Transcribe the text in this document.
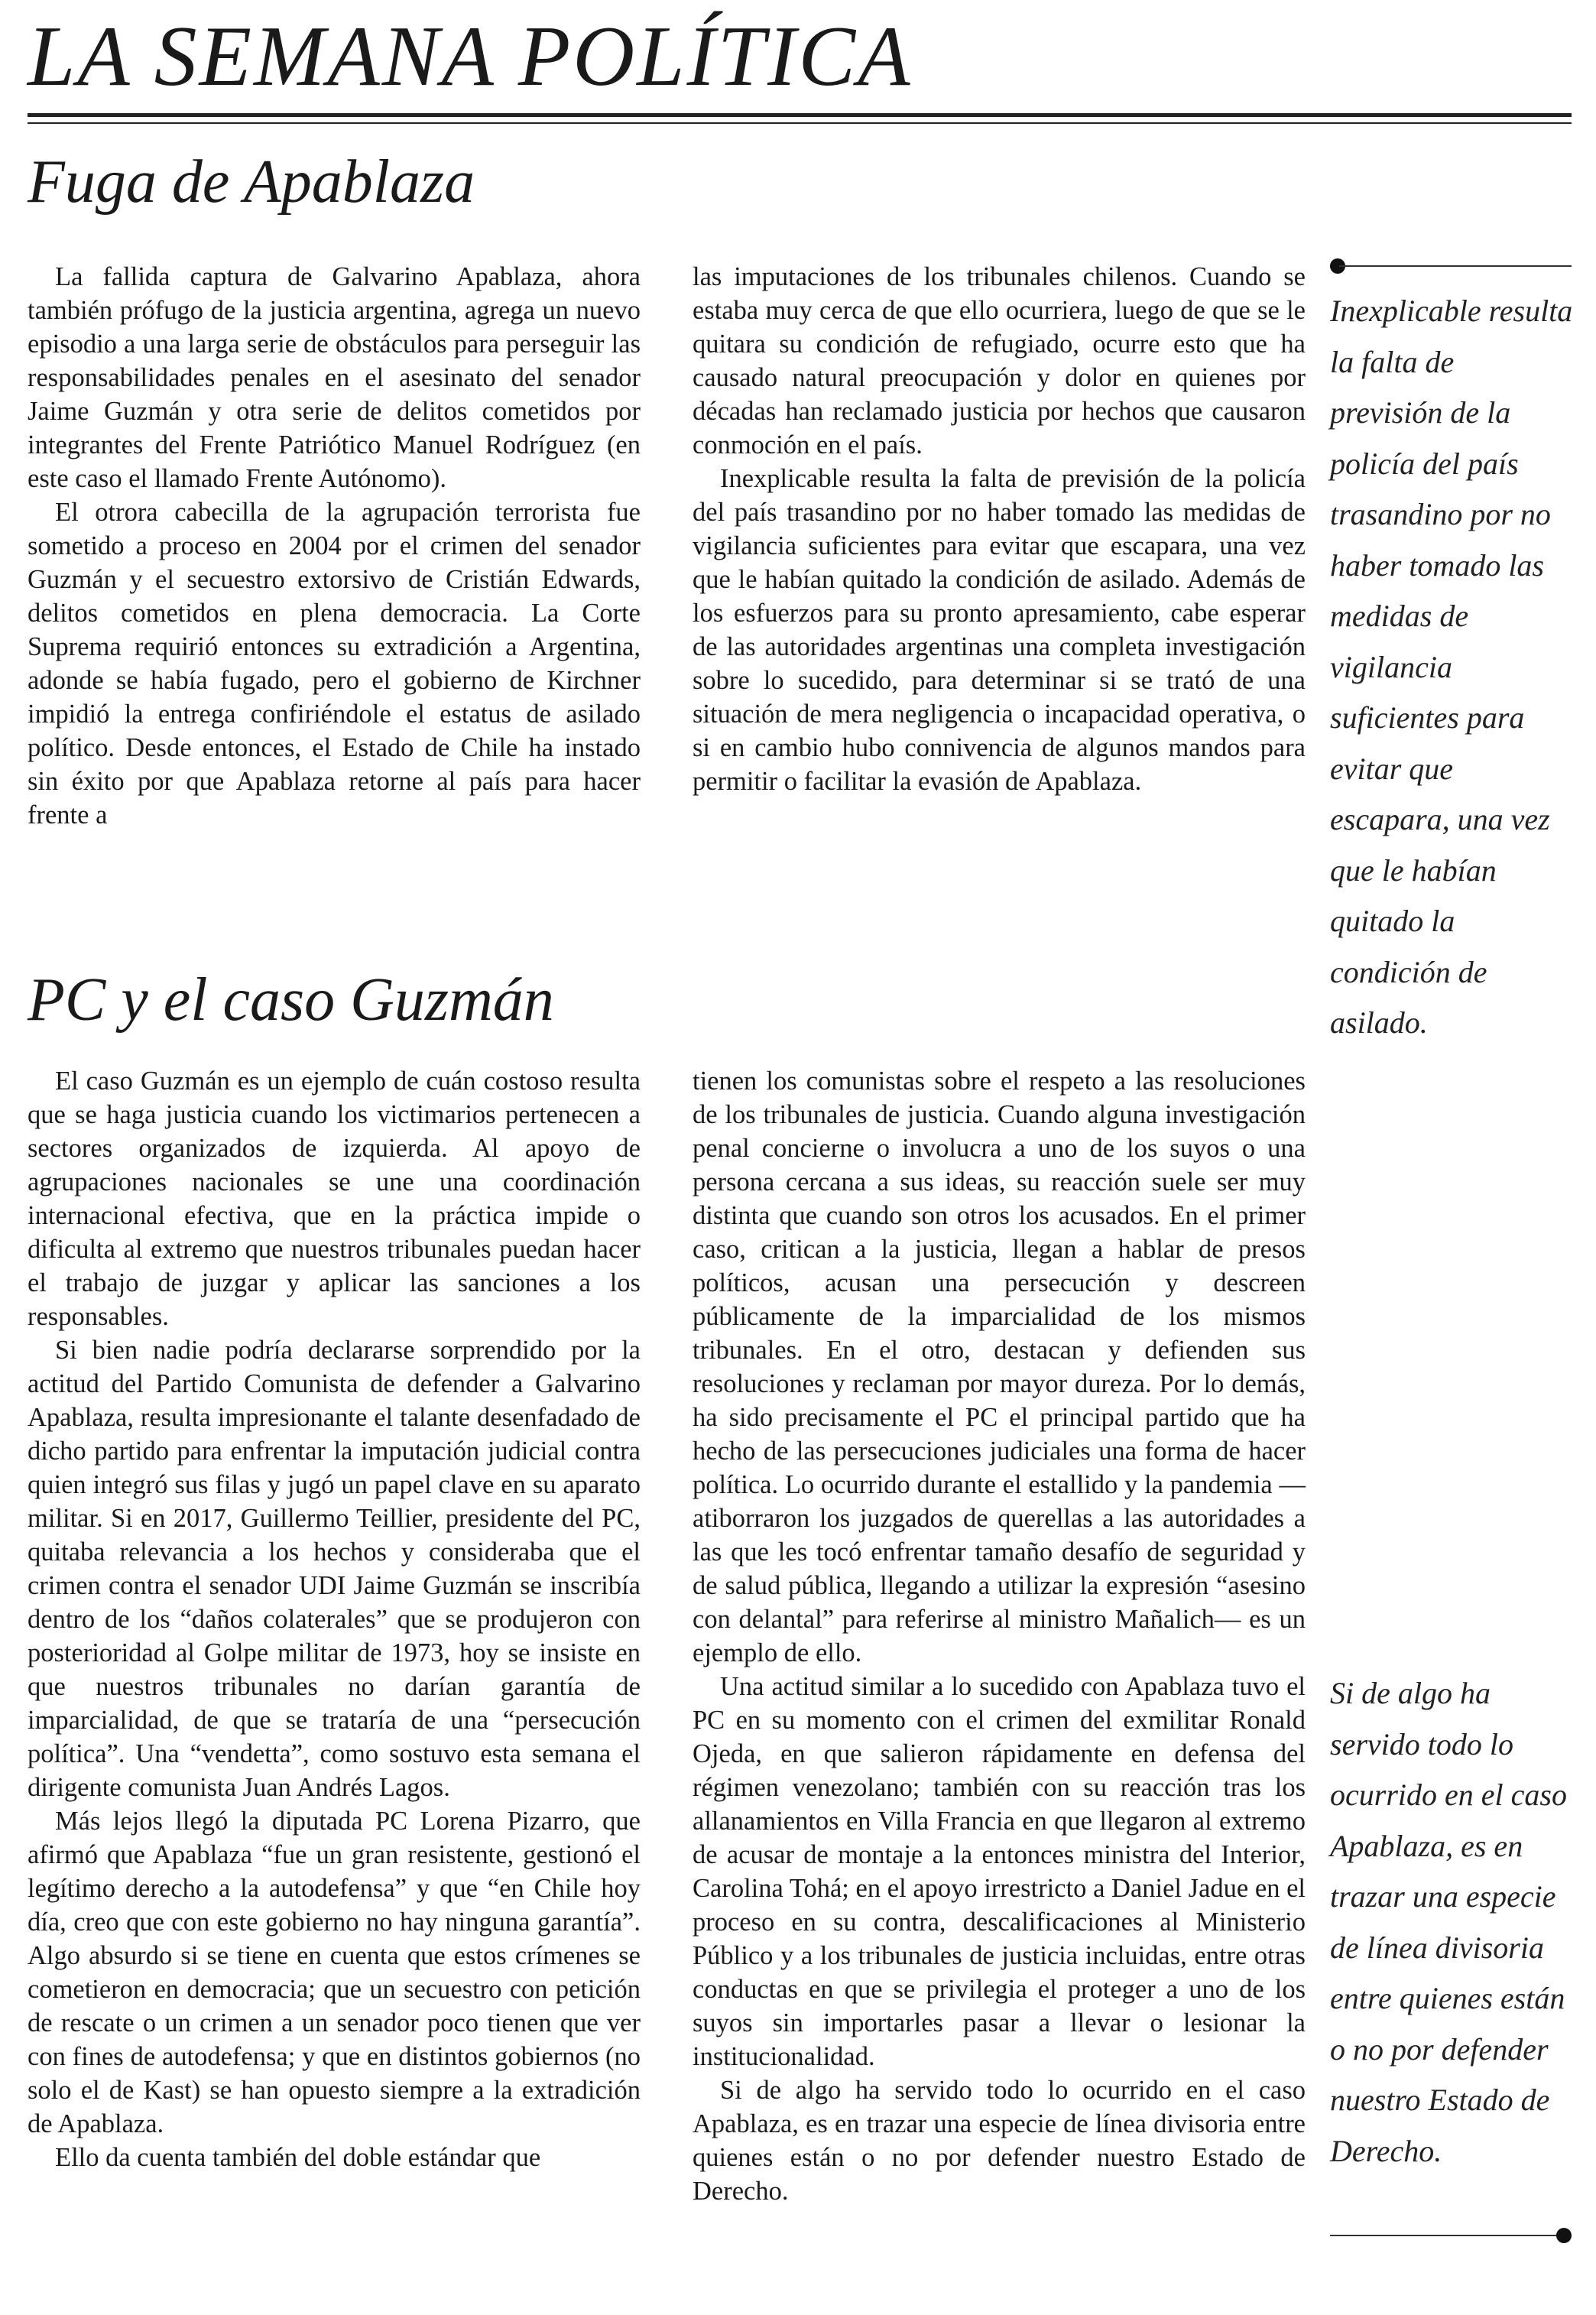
LA SEMANA POLÍTICA
Fuga de Apablaza

La fallida captura de Galvarino Apablaza, ahora también prófugo de la justicia argentina, agrega un nuevo episodio a una larga serie de obstáculos para perseguir las responsabilidades penales en el asesinato del senador Jaime Guzmán y otra serie de delitos cometidos por integrantes del Frente Patriótico Manuel Rodríguez (en este caso el llamado Frente Autónomo).

El otrora cabecilla de la agrupación terrorista fue sometido a proceso en 2004 por el crimen del senador Guzmán y el secuestro extorsivo de Cristián Edwards, delitos cometidos en plena democracia. La Corte Suprema requirió entonces su extradición a Argentina, adonde se había fugado, pero el gobierno de Kirchner impidió la entrega confiriéndole el estatus de asilado político. Desde entonces, el Estado de Chile ha instado sin éxito por que Apablaza retorne al país para hacer frente a

las imputaciones de los tribunales chilenos. Cuando se estaba muy cerca de que ello ocurriera, luego de que se le quitara su condición de refugiado, ocurre esto que ha causado natural preocupación y dolor en quienes por décadas han reclamado justicia por hechos que causaron conmoción en el país.

Inexplicable resulta la falta de previsión de la policía del país trasandino por no haber tomado las medidas de vigilancia suficientes para evitar que escapara, una vez que le habían quitado la condición de asilado. Además de los esfuerzos para su pronto apresamiento, cabe esperar de las autoridades argentinas una completa investigación sobre lo sucedido, para determinar si se trató de una situación de mera negligencia o incapacidad operativa, o si en cambio hubo connivencia de algunos mandos para permitir o facilitar la evasión de Apablaza.

PC y el caso Guzmán

El caso Guzmán es un ejemplo de cuán costoso resulta que se haga justicia cuando los victimarios pertenecen a sectores organizados de izquierda. Al apoyo de agrupaciones nacionales se une una coordinación internacional efectiva, que en la práctica impide o dificulta al extremo que nuestros tribunales puedan hacer el trabajo de juzgar y aplicar las sanciones a los responsables.

Si bien nadie podría declararse sorprendido por la actitud del Partido Comunista de defender a Galvarino Apablaza, resulta impresionante el talante desenfadado de dicho partido para enfrentar la imputación judicial contra quien integró sus filas y jugó un papel clave en su aparato militar. Si en 2017, Guillermo Teillier, presidente del PC, quitaba relevancia a los hechos y consideraba que el crimen contra el senador UDI Jaime Guzmán se inscribía dentro de los “daños colaterales” que se produjeron con posterioridad al Golpe militar de 1973, hoy se insiste en que nuestros tribunales no darían garantía de imparcialidad, de que se trataría de una “persecución política”. Una “vendetta”, como sostuvo esta semana el dirigente comunista Juan Andrés Lagos.

Más lejos llegó la diputada PC Lorena Pizarro, que afirmó que Apablaza “fue un gran resistente, gestionó el legítimo derecho a la autodefensa” y que “en Chile hoy día, creo que con este gobierno no hay ninguna garantía”. Algo absurdo si se tiene en cuenta que estos crímenes se cometieron en democracia; que un secuestro con petición de rescate o un crimen a un senador poco tienen que ver con fines de autodefensa; y que en distintos gobiernos (no solo el de Kast) se han opuesto siempre a la extradición de Apablaza.

Ello da cuenta también del doble estándar que

tienen los comunistas sobre el respeto a las resoluciones de los tribunales de justicia. Cuando alguna investigación penal concierne o involucra a uno de los suyos o una persona cercana a sus ideas, su reacción suele ser muy distinta que cuando son otros los acusados. En el primer caso, critican a la justicia, llegan a hablar de presos políticos, acusan una persecución y descreen públicamente de la imparcialidad de los mismos tribunales. En el otro, destacan y defienden sus resoluciones y reclaman por mayor dureza. Por lo demás, ha sido precisamente el PC el principal partido que ha hecho de las persecuciones judiciales una forma de hacer política. Lo ocurrido durante el estallido y la pandemia —atiborraron los juzgados de querellas a las autoridades a las que les tocó enfrentar tamaño desafío de seguridad y de salud pública, llegando a utilizar la expresión “asesino con delantal” para referirse al ministro Mañalich— es un ejemplo de ello.

Una actitud similar a lo sucedido con Apablaza tuvo el PC en su momento con el crimen del exmilitar Ronald Ojeda, en que salieron rápidamente en defensa del régimen venezolano; también con su reacción tras los allanamientos en Villa Francia en que llegaron al extremo de acusar de montaje a la entonces ministra del Interior, Carolina Tohá; en el apoyo irrestricto a Daniel Jadue en el proceso en su contra, descalificaciones al Ministerio Público y a los tribunales de justicia incluidas, entre otras conductas en que se privilegia el proteger a uno de los suyos sin importarles pasar a llevar o lesionar la institucionalidad.

Si de algo ha servido todo lo ocurrido en el caso Apablaza, es en trazar una especie de línea divisoria entre quienes están o no por defender nuestro Estado de Derecho.

Inexplicable resulta la falta de previsión de la policía del país trasandino por no haber tomado las medidas de vigilancia suficientes para evitar que escapara, una vez que le habían quitado la condición de asilado.

Si de algo ha servido todo lo ocurrido en el caso Apablaza, es en trazar una especie de línea divisoria entre quienes están o no por defender nuestro Estado de Derecho.
